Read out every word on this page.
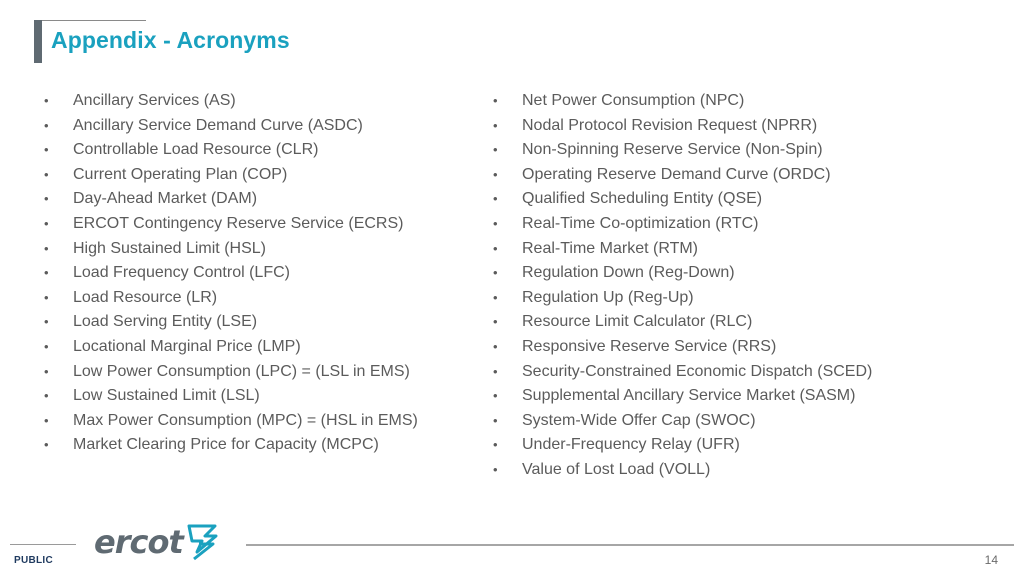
Appendix - Acronyms
• Ancillary Services (AS)
• Ancillary Service Demand Curve (ASDC)
• Controllable Load Resource (CLR)
• Current Operating Plan (COP)
• Day-Ahead Market (DAM)
• ERCOT Contingency Reserve Service (ECRS)
• High Sustained Limit (HSL)
• Load Frequency Control (LFC)
• Load Resource (LR)
• Load Serving Entity (LSE)
• Locational Marginal Price (LMP)
• Low Power Consumption (LPC) = (LSL in EMS)
• Low Sustained Limit (LSL)
• Max Power Consumption (MPC) = (HSL in EMS)
• Market Clearing Price for Capacity (MCPC)
• Net Power Consumption (NPC)
• Nodal Protocol Revision Request (NPRR)
• Non-Spinning Reserve Service (Non-Spin)
• Operating Reserve Demand Curve (ORDC)
• Qualified Scheduling Entity (QSE)
• Real-Time Co-optimization (RTC)
• Real-Time Market (RTM)
• Regulation Down (Reg-Down)
• Regulation Up (Reg-Up)
• Resource Limit Calculator (RLC)
• Responsive Reserve Service (RRS)
• Security-Constrained Economic Dispatch (SCED)
• Supplemental Ancillary Service Market (SASM)
• System-Wide Offer Cap (SWOC)
• Under-Frequency Relay (UFR)
• Value of Lost Load (VOLL)
ercot
PUBLIC	14
